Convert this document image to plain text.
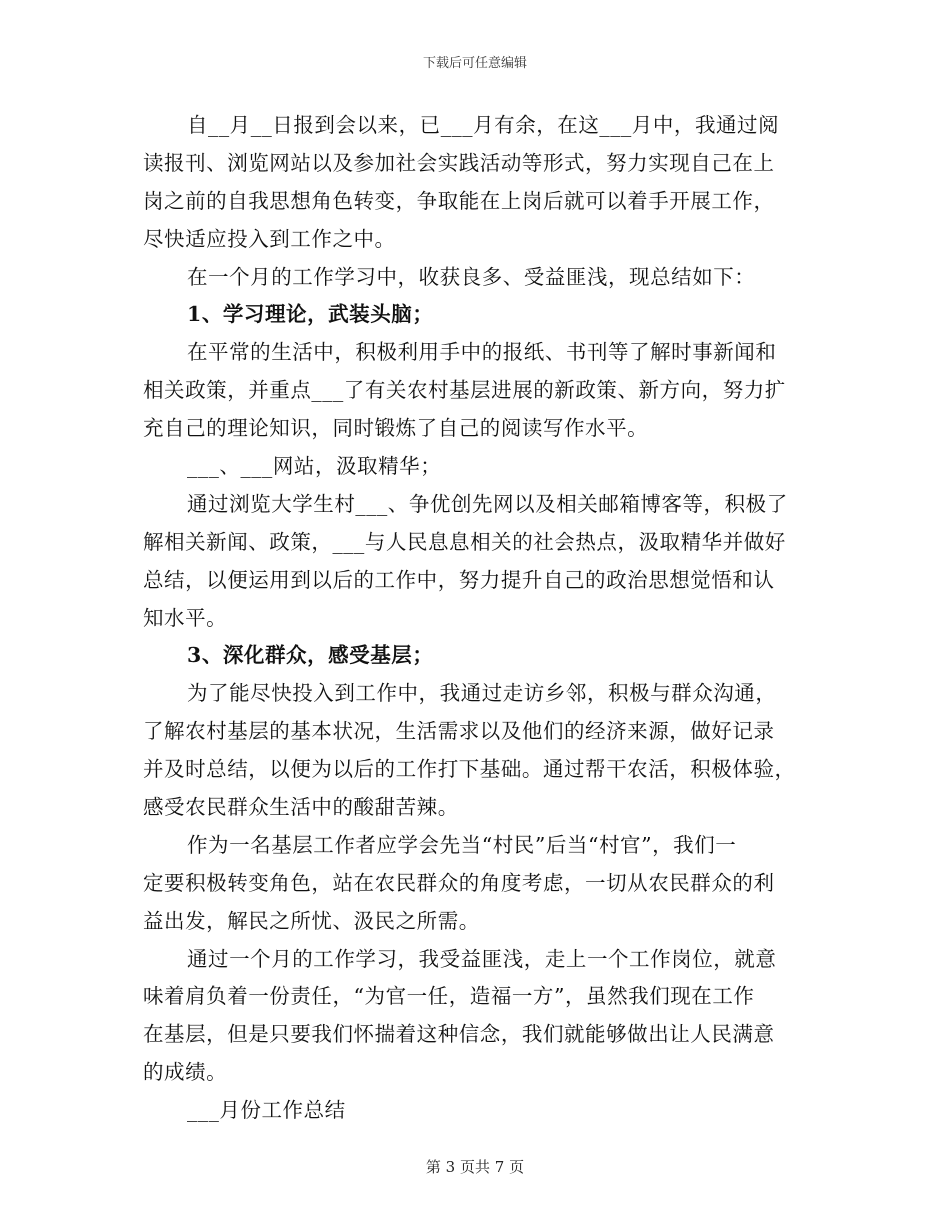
下载后可任意编辑
自__月__日报到会以来，已___月有余，在这___月中，我通过阅
读报刊、浏览网站以及参加社会实践活动等形式，努力实现自己在上
岗之前的自我思想角色转变，争取能在上岗后就可以着手开展工作，
尽快适应投入到工作之中。
在一个月的工作学习中，收获良多、受益匪浅，现总结如下：
1、学习理论，武装头脑；
在平常的生活中，积极利用手中的报纸、书刊等了解时事新闻和
相关政策，并重点___了有关农村基层进展的新政策、新方向，努力扩
充自己的理论知识，同时锻炼了自己的阅读写作水平。
___、___网站，汲取精华；
通过浏览大学生村___、争优创先网以及相关邮箱博客等，积极了
解相关新闻、政策，___与人民息息相关的社会热点，汲取精华并做好
总结，以便运用到以后的工作中，努力提升自己的政治思想觉悟和认
知水平。
3、深化群众，感受基层；
为了能尽快投入到工作中，我通过走访乡邻，积极与群众沟通，
了解农村基层的基本状况，生活需求以及他们的经济来源，做好记录
并及时总结，以便为以后的工作打下基础。通过帮干农活，积极体验，
感受农民群众生活中的酸甜苦辣。
作为一名基层工作者应学会先当“村民”后当“村官”，我们一
定要积极转变角色，站在农民群众的角度考虑，一切从农民群众的利
益出发，解民之所忧、汲民之所需。
通过一个月的工作学习，我受益匪浅，走上一个工作岗位，就意
味着肩负着一份责任，“为官一任，造福一方”，虽然我们现在工作
在基层，但是只要我们怀揣着这种信念，我们就能够做出让人民满意
的成绩。
___月份工作总结
第 3 页共 7 页
